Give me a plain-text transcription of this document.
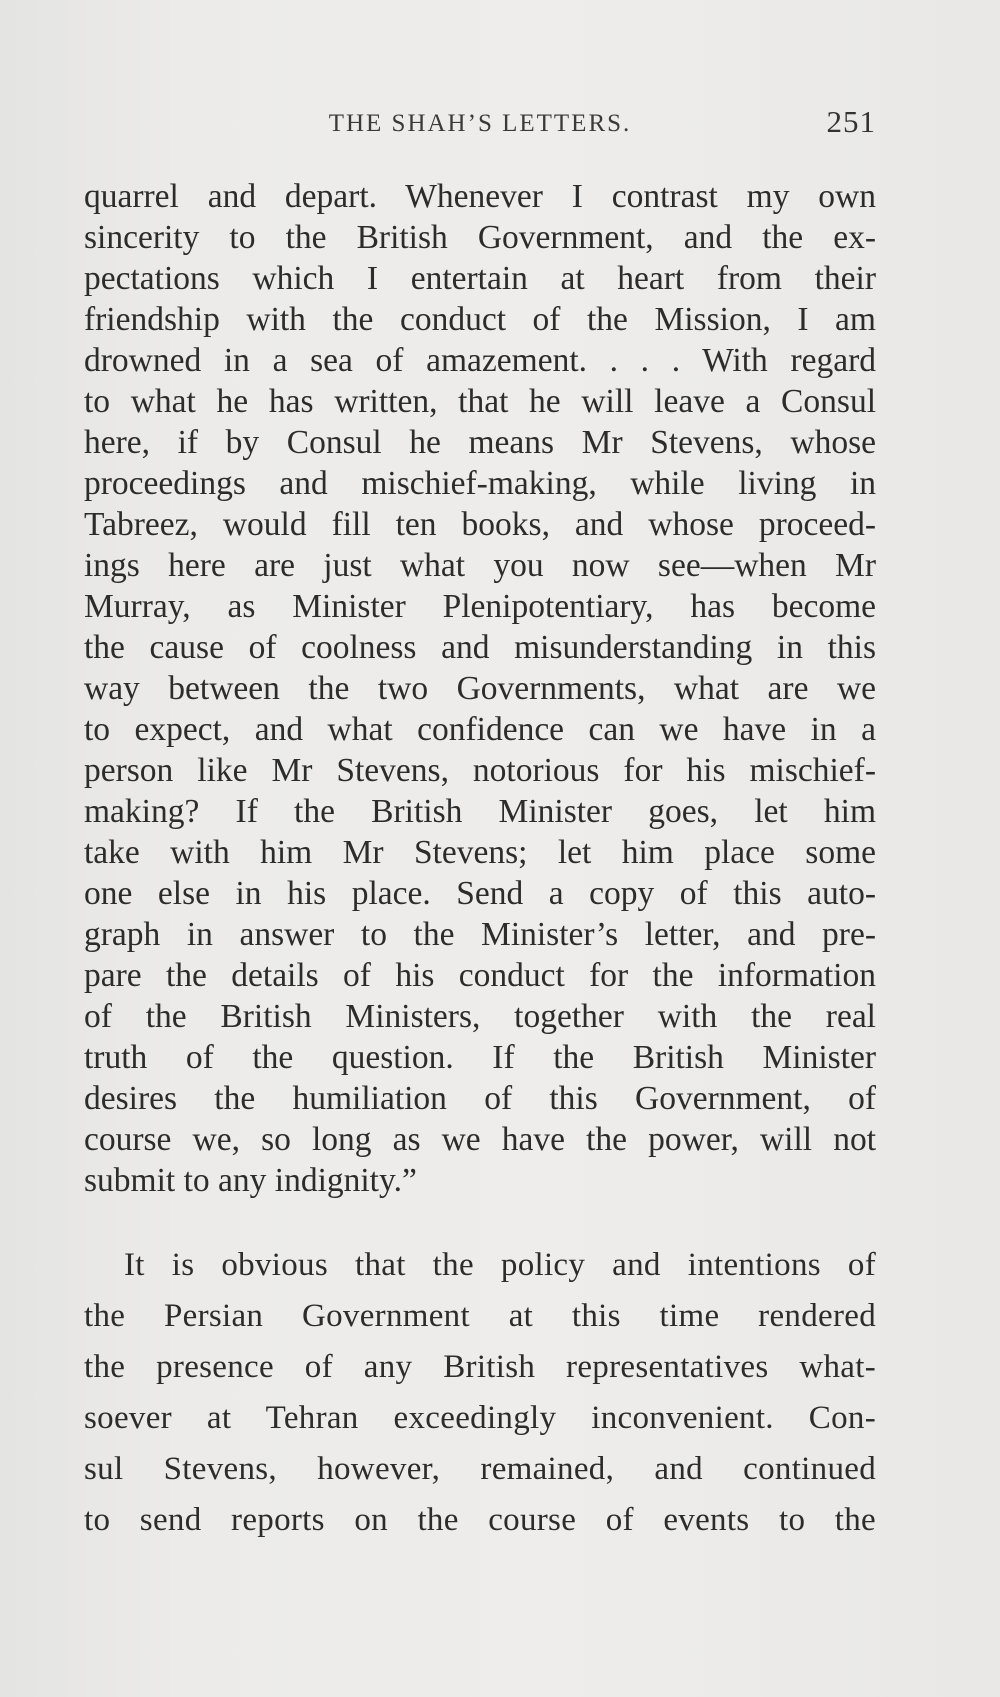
THE SHAH’S LETTERS.	251
quarrel and depart. Whenever I contrast my own
sincerity to the British Government, and the ex-
pectations which I entertain at heart from their
friendship with the conduct of the Mission, I am
drowned in a sea of amazement. . . . With regard
to what he has written, that he will leave a Consul
here, if by Consul he means Mr Stevens, whose
proceedings and mischief-making, while living in
Tabreez, would fill ten books, and whose proceed-
ings here are just what you now see—when Mr
Murray, as Minister Plenipotentiary, has become
the cause of coolness and misunderstanding in this
way between the two Governments, what are we
to expect, and what confidence can we have in a
person like Mr Stevens, notorious for his mischief-
making? If the British Minister goes, let him
take with him Mr Stevens; let him place some
one else in his place. Send a copy of this auto-
graph in answer to the Minister’s letter, and pre-
pare the details of his conduct for the information
of the British Ministers, together with the real
truth of the question. If the British Minister
desires the humiliation of this Government, of
course we, so long as we have the power, will not
submit to any indignity.”
It is obvious that the policy and intentions of
the Persian Government at this time rendered
the presence of any British representatives what-
soever at Tehran exceedingly inconvenient. Con-
sul Stevens, however, remained, and continued
to send reports on the course of events to the
